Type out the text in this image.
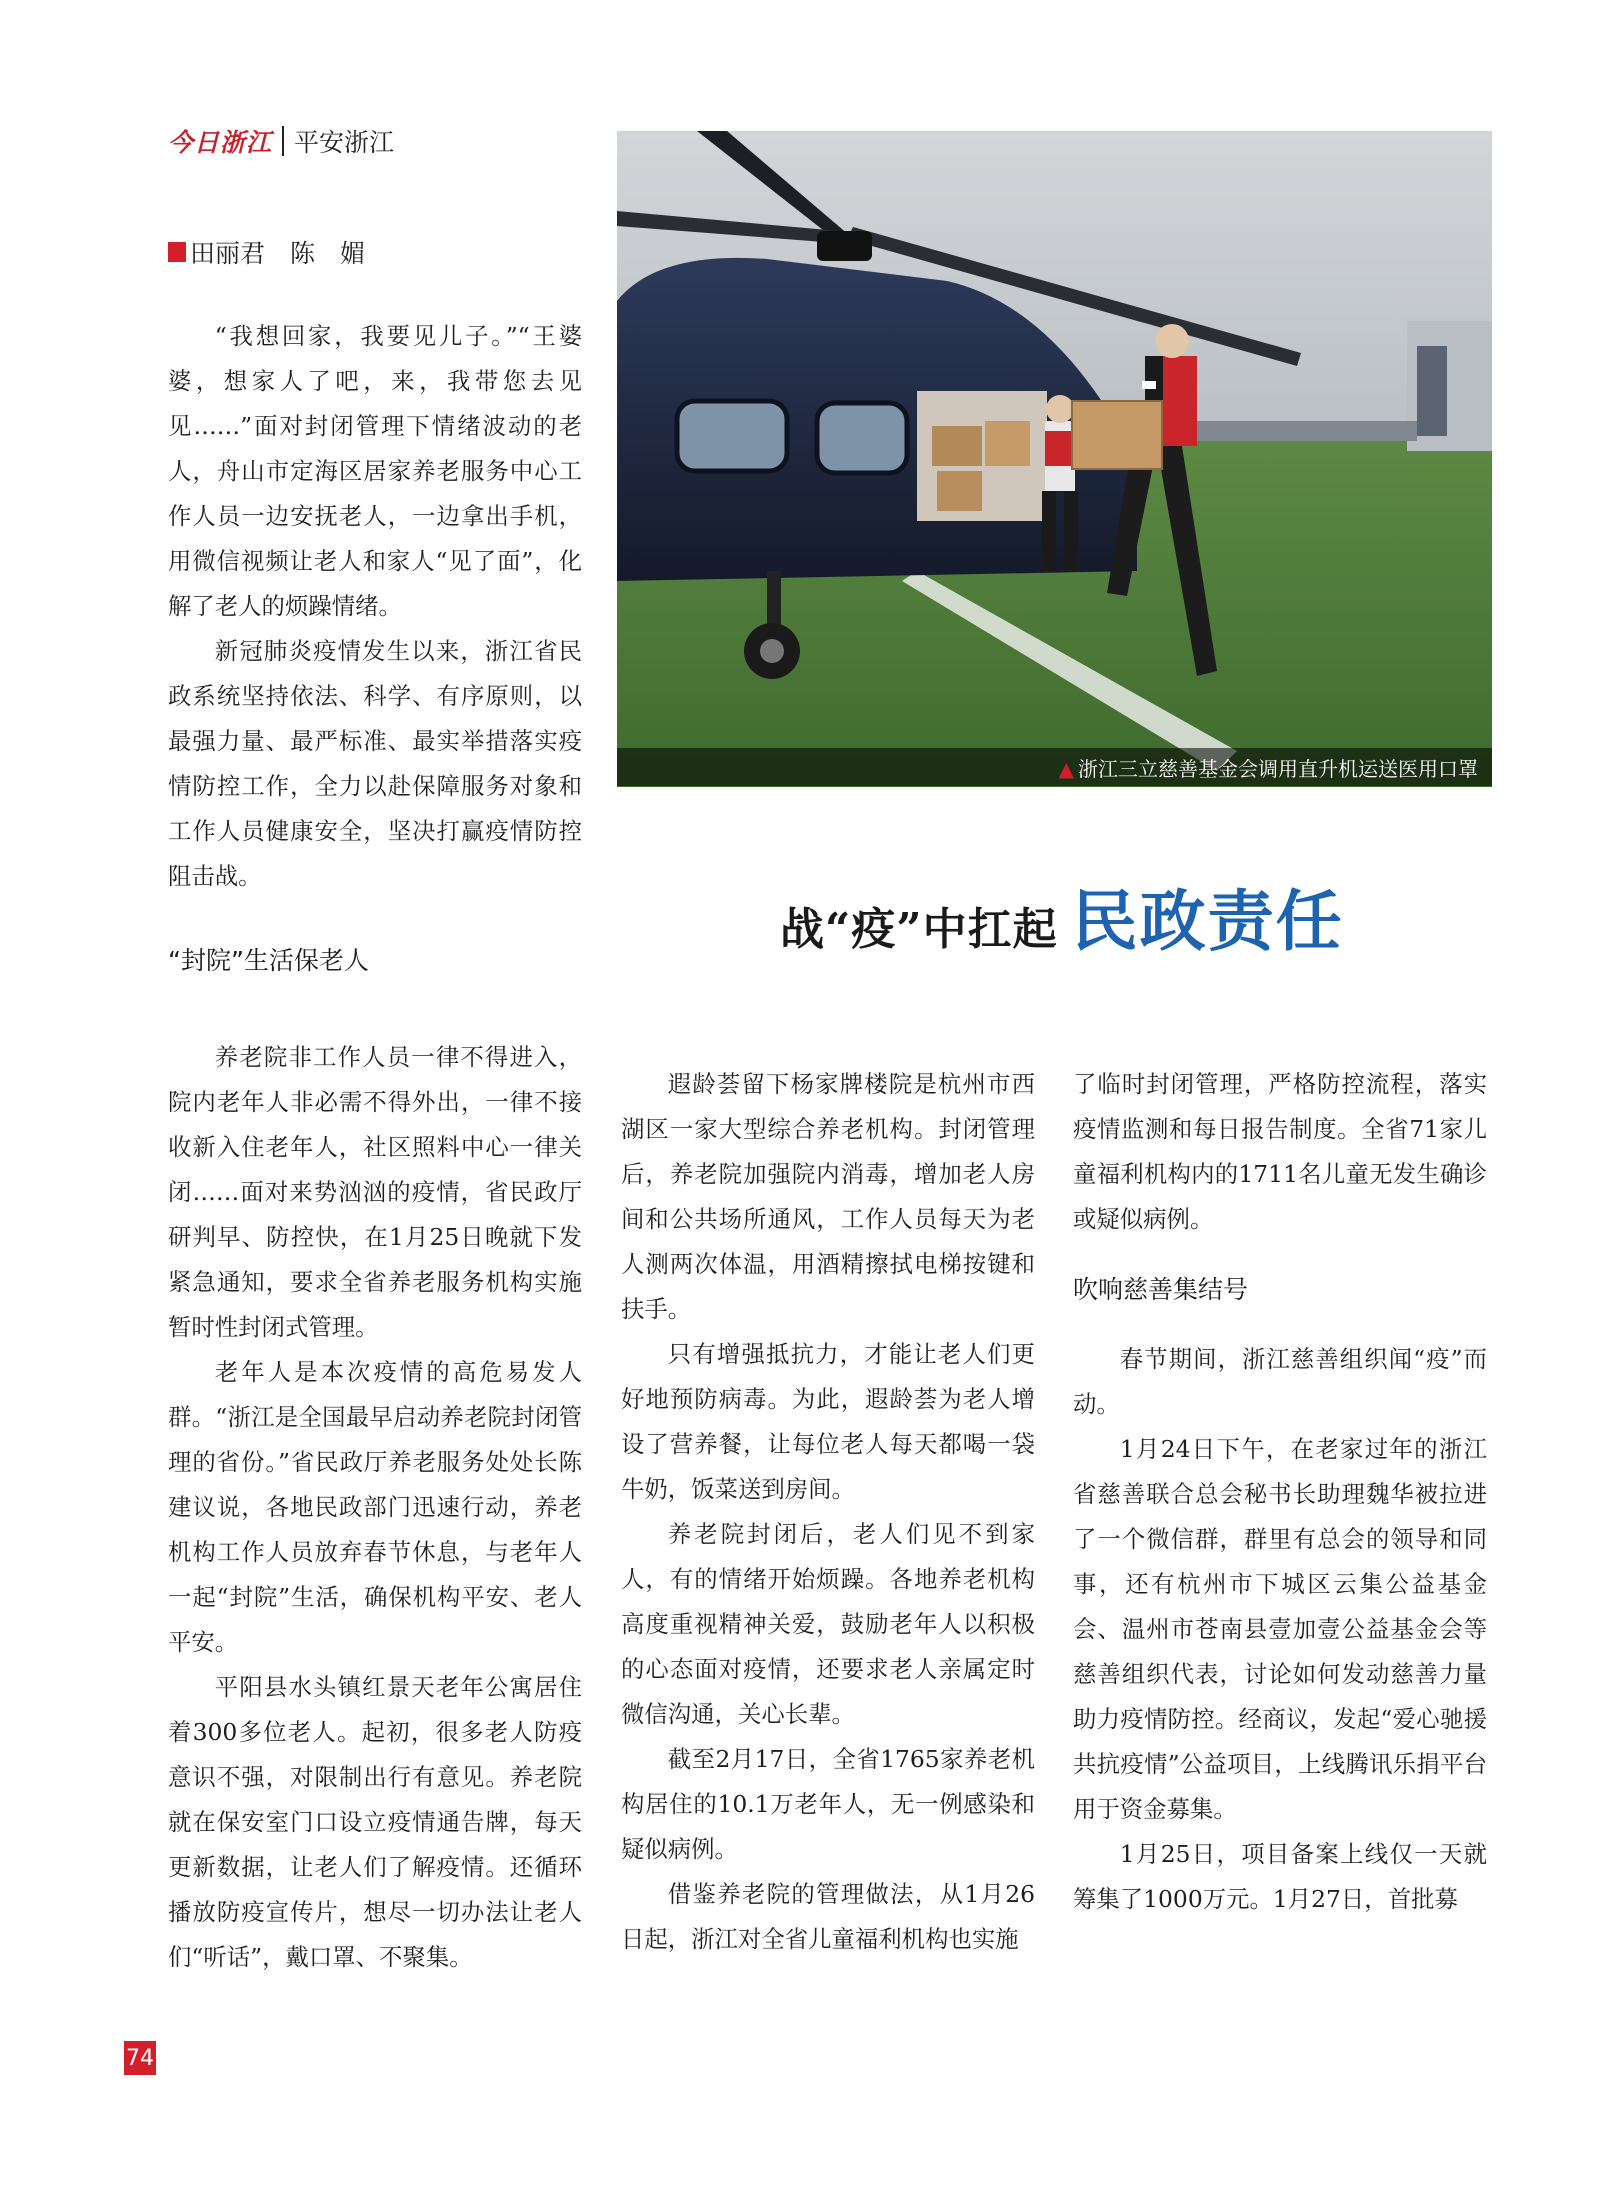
今日浙江 平安浙江
田丽君　陈　媚

“我想回家，我要见儿子。”“王婆婆，想家人了吧，来，我带您去见见……”面对封闭管理下情绪波动的老人，舟山市定海区居家养老服务中心工作人员一边安抚老人，一边拿出手机，用微信视频让老人和家人“见了面”，化解了老人的烦躁情绪。

新冠肺炎疫情发生以来，浙江省民政系统坚持依法、科学、有序原则，以最强力量、最严标准、最实举措落实疫情防控工作，全力以赴保障服务对象和工作人员健康安全，坚决打赢疫情防控阻击战。

“封院”生活保老人

养老院非工作人员一律不得进入，院内老年人非必需不得外出，一律不接收新入住老年人，社区照料中心一律关闭……面对来势汹汹的疫情，省民政厅研判早、防控快，在1月25日晚就下发紧急通知，要求全省养老服务机构实施暂时性封闭式管理。

老年人是本次疫情的高危易发人群。“浙江是全国最早启动养老院封闭管理的省份。”省民政厅养老服务处处长陈建议说，各地民政部门迅速行动，养老机构工作人员放弃春节休息，与老年人一起“封院”生活，确保机构平安、老人平安。

平阳县水头镇红景天老年公寓居住着300多位老人。起初，很多老人防疫意识不强，对限制出行有意见。养老院就在保安室门口设立疫情通告牌，每天更新数据，让老人们了解疫情。还循环播放防疫宣传片，想尽一切办法让老人们“听话”，戴口罩、不聚集。

▲ 浙江三立慈善基金会调用直升机运送医用口罩
战“疫”中扛起 民政责任

遐龄荟留下杨家牌楼院是杭州市西湖区一家大型综合养老机构。封闭管理后，养老院加强院内消毒，增加老人房间和公共场所通风，工作人员每天为老人测两次体温，用酒精擦拭电梯按键和扶手。

只有增强抵抗力，才能让老人们更好地预防病毒。为此，遐龄荟为老人增设了营养餐，让每位老人每天都喝一袋牛奶，饭菜送到房间。

养老院封闭后，老人们见不到家人，有的情绪开始烦躁。各地养老机构高度重视精神关爱，鼓励老年人以积极的心态面对疫情，还要求老人亲属定时微信沟通，关心长辈。

截至2月17日，全省1765家养老机构居住的10.1万老年人，无一例感染和疑似病例。

借鉴养老院的管理做法，从1月26日起，浙江对全省儿童福利机构也实施

了临时封闭管理，严格防控流程，落实疫情监测和每日报告制度。全省71家儿童福利机构内的1711名儿童无发生确诊或疑似病例。

吹响慈善集结号

春节期间，浙江慈善组织闻“疫”而动。

1月24日下午，在老家过年的浙江省慈善联合总会秘书长助理魏华被拉进了一个微信群，群里有总会的领导和同事，还有杭州市下城区云集公益基金会、温州市苍南县壹加壹公益基金会等慈善组织代表，讨论如何发动慈善力量助力疫情防控。经商议，发起“爱心驰援 共抗疫情”公益项目，上线腾讯乐捐平台用于资金募集。

1月25日，项目备案上线仅一天就筹集了1000万元。1月27日，首批募

74
